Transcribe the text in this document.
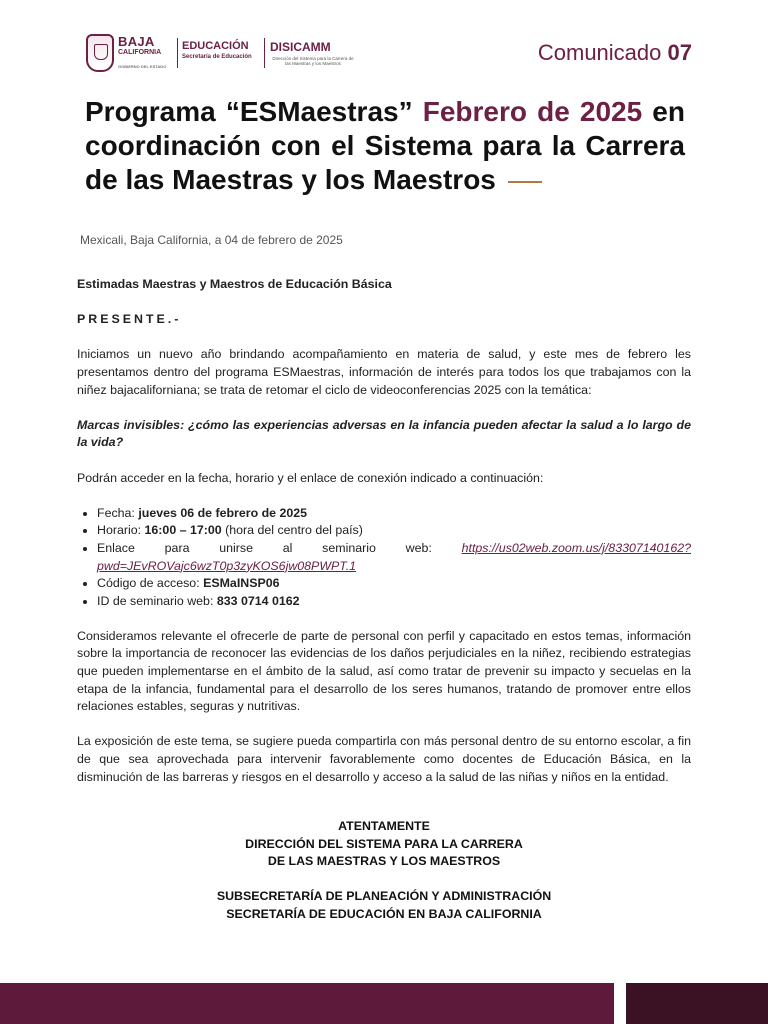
BAJA
CALIFORNIA
GOBIERNO DEL ESTADO
EDUCACIÓN
Secretaría de Educación
DISICAMM
Dirección del Sistema para la Carrera de las Maestras y los Maestros	Comunicado 07
Programa “ESMaestras” Febrero de 2025 en coordinación con el Sistema para la Carrera de las Maestras y los Maestros
Mexicali, Baja California, a 04 de febrero de 2025

Estimadas Maestras y Maestros de Educación Básica

PRESENTE.-

Iniciamos un nuevo año brindando acompañamiento en materia de salud, y este mes de febrero les presentamos dentro del programa ESMaestras, información de interés para todos los que trabajamos con la niñez bajacaliforniana; se trata de retomar el ciclo de videoconferencias 2025 con la temática:

Marcas invisibles: ¿cómo las experiencias adversas en la infancia pueden afectar la salud a lo largo de la vida?

Podrán acceder en la fecha, horario y el enlace de conexión indicado a continuación:

• Fecha: jueves 06 de febrero de 2025
• Horario: 16:00 – 17:00 (hora del centro del país)
• Enlace para unirse al seminario web: https://us02web.zoom.us/j/83307140162?
pwd=JEvROVajc6wzT0p3zyKOS6jw08PWPT.1
• Código de acceso: ESMaINSP06
• ID de seminario web: 833 0714 0162

Consideramos relevante el ofrecerle de parte de personal con perfil y capacitado en estos temas, información sobre la importancia de reconocer las evidencias de los daños perjudiciales en la niñez, recibiendo estrategias que pueden implementarse en el ámbito de la salud, así como tratar de prevenir su impacto y secuelas en la etapa de la infancia, fundamental para el desarrollo de los seres humanos, tratando de promover entre ellos relaciones estables, seguras y nutritivas.

La exposición de este tema, se sugiere pueda compartirla con más personal dentro de su entorno escolar, a fin de que sea aprovechada para intervenir favorablemente como docentes de Educación Básica, en la disminución de las barreras y riesgos en el desarrollo y acceso a la salud de las niñas y niños en la entidad.

ATENTAMENTE
DIRECCIÓN DEL SISTEMA PARA LA CARRERA
DE LAS MAESTRAS Y LOS MAESTROS
SUBSECRETARÍA DE PLANEACIÓN Y ADMINISTRACIÓN
SECRETARÍA DE EDUCACIÓN EN BAJA CALIFORNIA
